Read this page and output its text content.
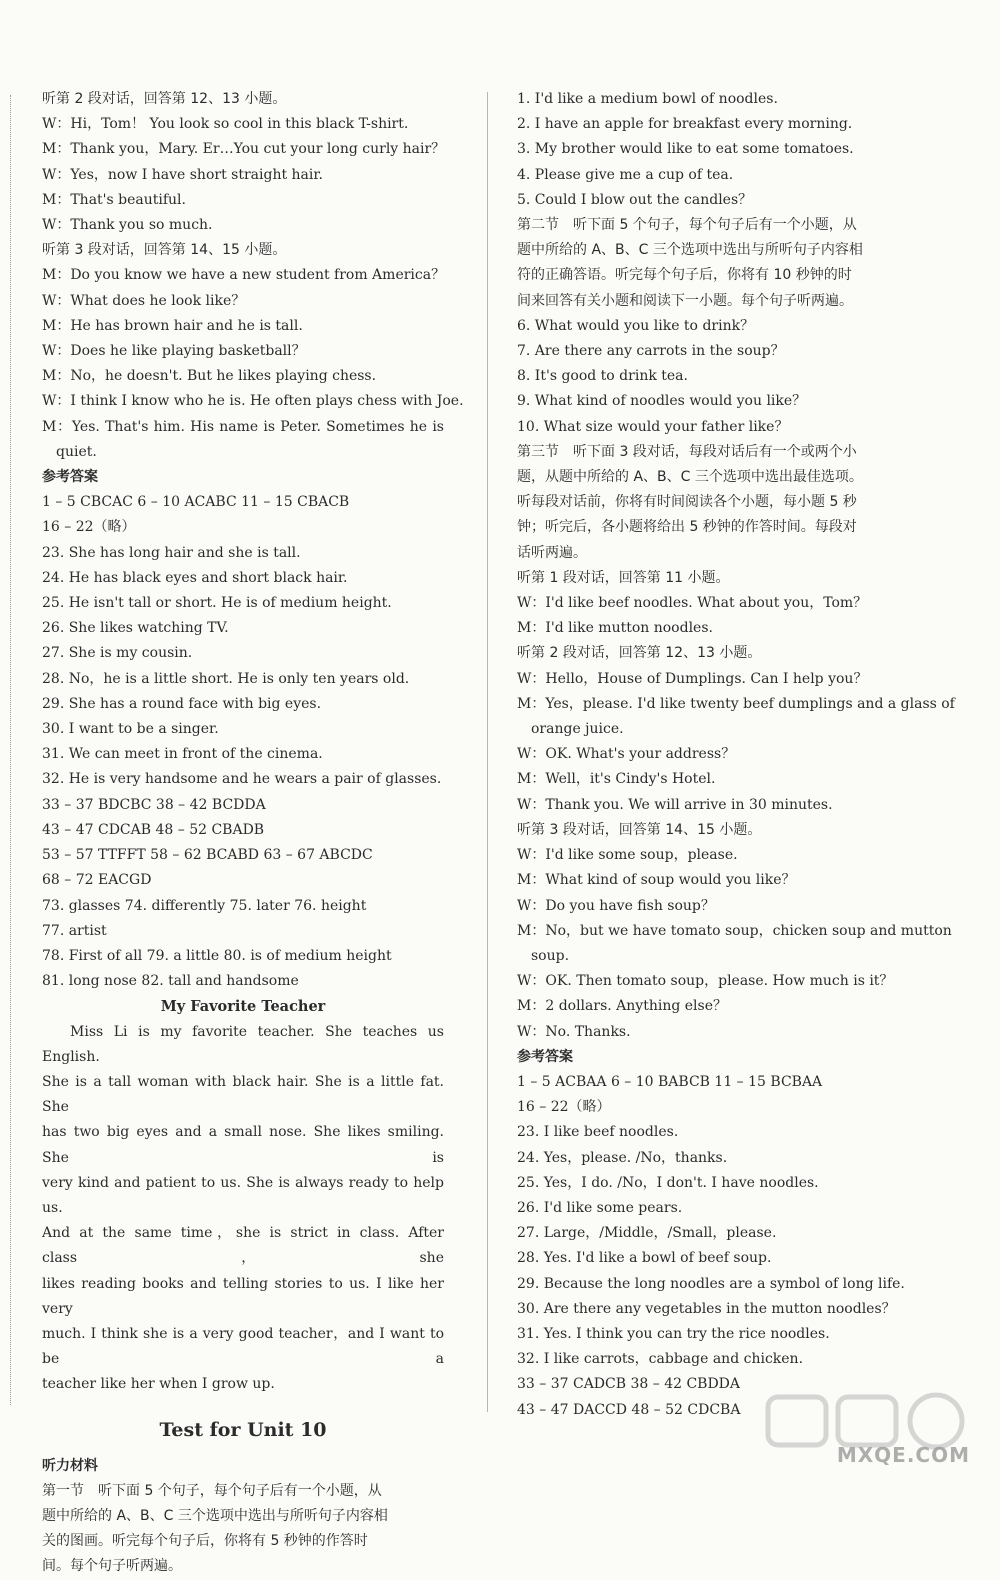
听第 2 段对话，回答第 12、13 小题。

W：Hi，Tom！ You look so cool in this black T-shirt.

M：Thank you，Mary. Er…You cut your long curly hair？

W：Yes，now I have short straight hair.

M：That's beautiful.

W：Thank you so much.

听第 3 段对话，回答第 14、15 小题。

M：Do you know we have a new student from America？

W：What does he look like？

M：He has brown hair and he is tall.

W：Does he like playing basketball？

M：No，he doesn't. But he likes playing chess.

W：I think I know who he is. He often plays chess with Joe.

M：Yes. That's him. His name is Peter. Sometimes he is

quiet.

参考答案

1 – 5 CBCAC 6 – 10 ACABC 11 – 15 CBACB

16 – 22（略）

23. She has long hair and she is tall.

24. He has black eyes and short black hair.

25. He isn't tall or short. He is of medium height.

26. She likes watching TV.

27. She is my cousin.

28. No，he is a little short. He is only ten years old.

29. She has a round face with big eyes.

30. I want to be a singer.

31. We can meet in front of the cinema.

32. He is very handsome and he wears a pair of glasses.

33 – 37 BDCBC 38 – 42 BCDDA

43 – 47 CDCAB 48 – 52 CBADB

53 – 57 TTFFT 58 – 62 BCABD 63 – 67 ABCDC

68 – 72 EACGD

73. glasses 74. differently 75. later 76. height

77. artist

78. First of all 79. a little 80. is of medium height

81. long nose 82. tall and handsome

My Favorite Teacher

Miss Li is my favorite teacher. She teaches us English.

She is a tall woman with black hair. She is a little fat. She

has two big eyes and a small nose. She likes smiling. She is

very kind and patient to us. She is always ready to help us.

And at the same time，she is strict in class. After class，she

likes reading books and telling stories to us. I like her very

much. I think she is a very good teacher，and I want to be a

teacher like her when I grow up.

Test for Unit 10

听力材料

第一节　听下面 5 个句子，每个句子后有一个小题，从

题中所给的 A、B、C 三个选项中选出与所听句子内容相

关的图画。听完每个句子后，你将有 5 秒钟的作答时

间。每个句子听两遍。

1. I'd like a medium bowl of noodles.

2. I have an apple for breakfast every morning.

3. My brother would like to eat some tomatoes.

4. Please give me a cup of tea.

5. Could I blow out the candles？

第二节　听下面 5 个句子，每个句子后有一个小题，从

题中所给的 A、B、C 三个选项中选出与所听句子内容相

符的正确答语。听完每个句子后，你将有 10 秒钟的时

间来回答有关小题和阅读下一小题。每个句子听两遍。

6. What would you like to drink？

7. Are there any carrots in the soup？

8. It's good to drink tea.

9. What kind of noodles would you like？

10. What size would your father like？

第三节　听下面 3 段对话，每段对话后有一个或两个小

题，从题中所给的 A、B、C 三个选项中选出最佳选项。

听每段对话前，你将有时间阅读各个小题，每小题 5 秒

钟；听完后，各小题将给出 5 秒钟的作答时间。每段对

话听两遍。

听第 1 段对话，回答第 11 小题。

W：I'd like beef noodles. What about you，Tom？

M：I'd like mutton noodles.

听第 2 段对话，回答第 12、13 小题。

W：Hello，House of Dumplings. Can I help you？

M：Yes，please. I'd like twenty beef dumplings and a glass of

orange juice.

W：OK. What's your address？

M：Well，it's Cindy's Hotel.

W：Thank you. We will arrive in 30 minutes.

听第 3 段对话，回答第 14、15 小题。

W：I'd like some soup，please.

M：What kind of soup would you like？

W：Do you have fish soup？

M：No，but we have tomato soup，chicken soup and mutton

soup.

W：OK. Then tomato soup，please. How much is it？

M：2 dollars. Anything else？

W：No. Thanks.

参考答案

1 – 5 ACBAA 6 – 10 BABCB 11 – 15 BCBAA

16 – 22（略）

23. I like beef noodles.

24. Yes，please. /No，thanks.

25. Yes，I do. /No，I don't. I have noodles.

26. I'd like some pears.

27. Large，/Middle，/Small，please.

28. Yes. I'd like a bowl of beef soup.

29. Because the long noodles are a symbol of long life.

30. Are there any vegetables in the mutton noodles？

31. Yes. I think you can try the rice noodles.

32. I like carrots，cabbage and chicken.

33 – 37 CADCB 38 – 42 CBDDA

43 – 47 DACCD 48 – 52 CDCBA

MXQE.COM
